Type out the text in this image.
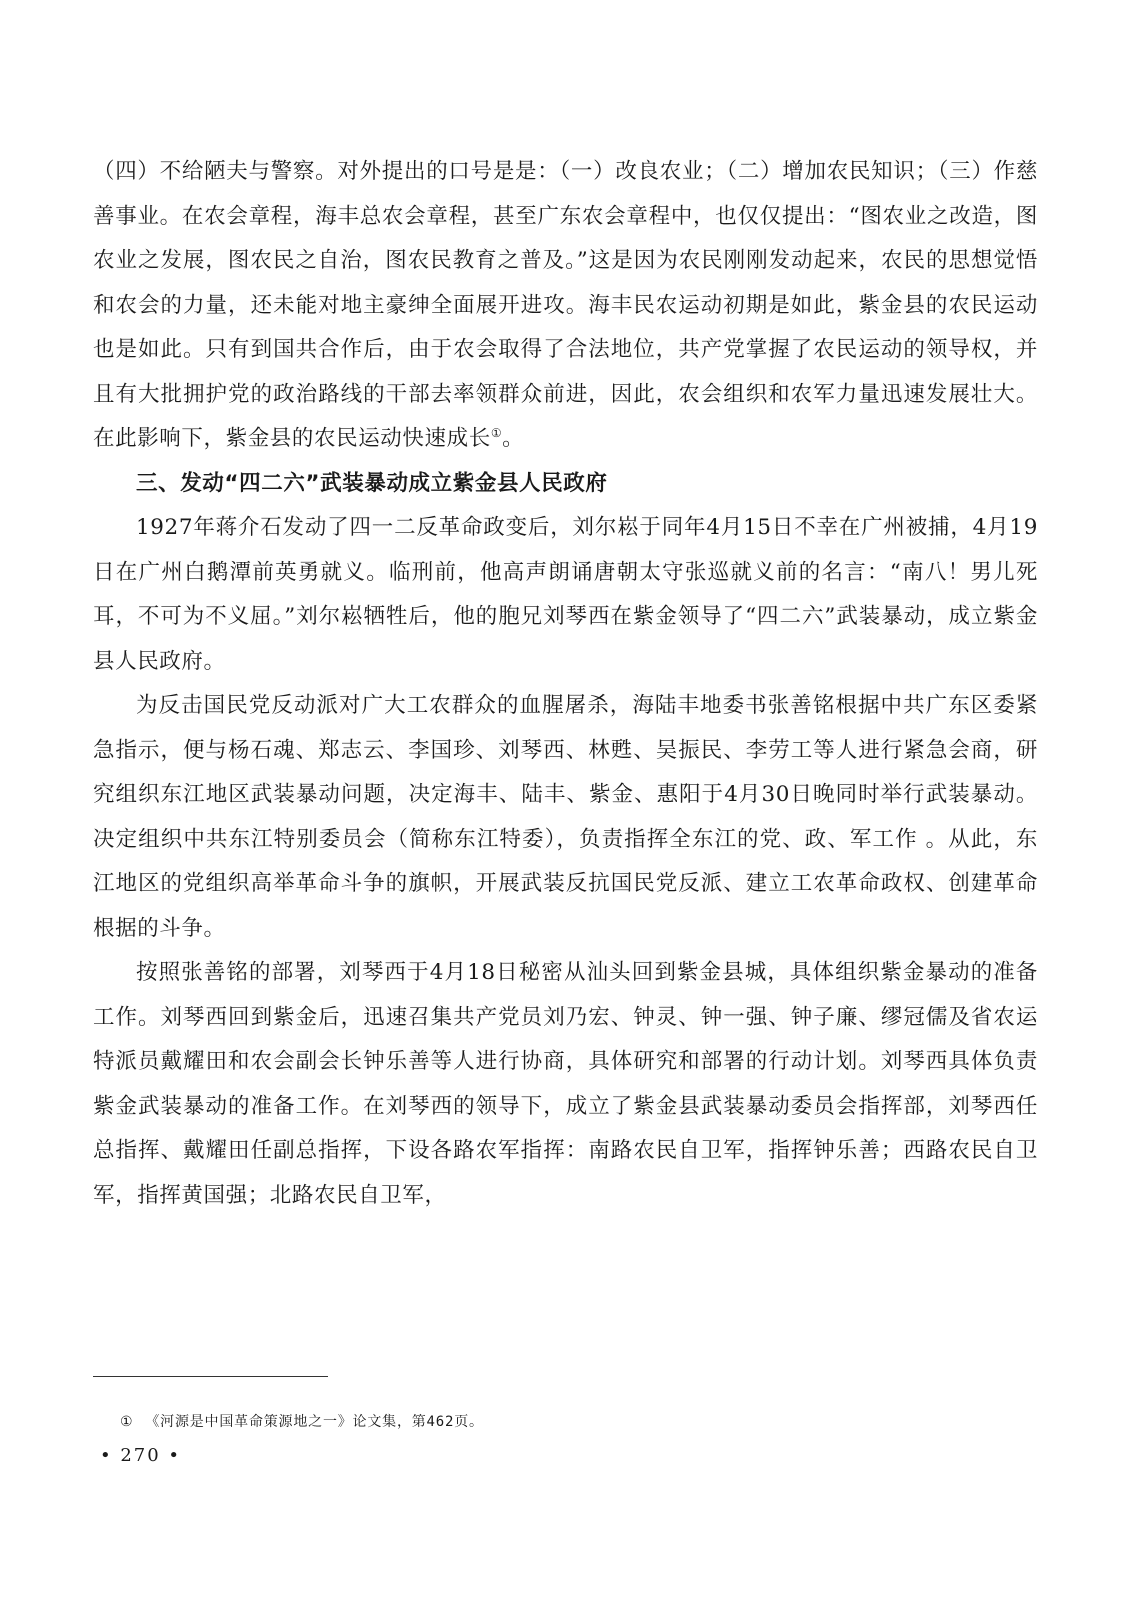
（四）不给陋夫与警察。对外提出的口号是是：（一）改良农业；（二）增加农民知识；（三）作慈善事业。在农会章程，海丰总农会章程，甚至广东农会章程中，也仅仅提出：“图农业之改造，图农业之发展，图农民之自治，图农民教育之普及。”这是因为农民刚刚发动起来，农民的思想觉悟和农会的力量，还未能对地主豪绅全面展开进攻。海丰民农运动初期是如此，紫金县的农民运动也是如此。只有到国共合作后，由于农会取得了合法地位，共产党掌握了农民运动的领导权，并且有大批拥护党的政治路线的干部去率领群众前进，因此，农会组织和农军力量迅速发展壮大。在此影响下，紫金县的农民运动快速成长①。

三、发动“四二六”武装暴动成立紫金县人民政府

1927年蒋介石发动了四一二反革命政变后，刘尔崧于同年4月15日不幸在广州被捕，4月19日在广州白鹅潭前英勇就义。临刑前，他高声朗诵唐朝太守张巡就义前的名言：“南八！男儿死耳，不可为不义屈。”刘尔崧牺牲后，他的胞兄刘琴西在紫金领导了“四二六”武装暴动，成立紫金县人民政府。

为反击国民党反动派对广大工农群众的血腥屠杀，海陆丰地委书张善铭根据中共广东区委紧急指示，便与杨石魂、郑志云、李国珍、刘琴西、林甦、吴振民、李劳工等人进行紧急会商，研究组织东江地区武装暴动问题，决定海丰、陆丰、紫金、惠阳于4月30日晚同时举行武装暴动。决定组织中共东江特别委员会（简称东江特委），负责指挥全东江的党、政、军工作 。从此，东江地区的党组织高举革命斗争的旗帜，开展武装反抗国民党反派、建立工农革命政权、创建革命根据的斗争。

按照张善铭的部署，刘琴西于4月18日秘密从汕头回到紫金县城，具体组织紫金暴动的准备工作。刘琴西回到紫金后，迅速召集共产党员刘乃宏、钟灵、钟一强、钟子廉、缪冠儒及省农运特派员戴耀田和农会副会长钟乐善等人进行协商，具体研究和部署的行动计划。刘琴西具体负责紫金武装暴动的准备工作。在刘琴西的领导下，成立了紫金县武装暴动委员会指挥部，刘琴西任总指挥、戴耀田任副总指挥，下设各路农军指挥：南路农民自卫军，指挥钟乐善；西路农民自卫军，指挥黄国强；北路农民自卫军，

① 《河源是中国革命策源地之一》论文集，第462页。
• 270 •
